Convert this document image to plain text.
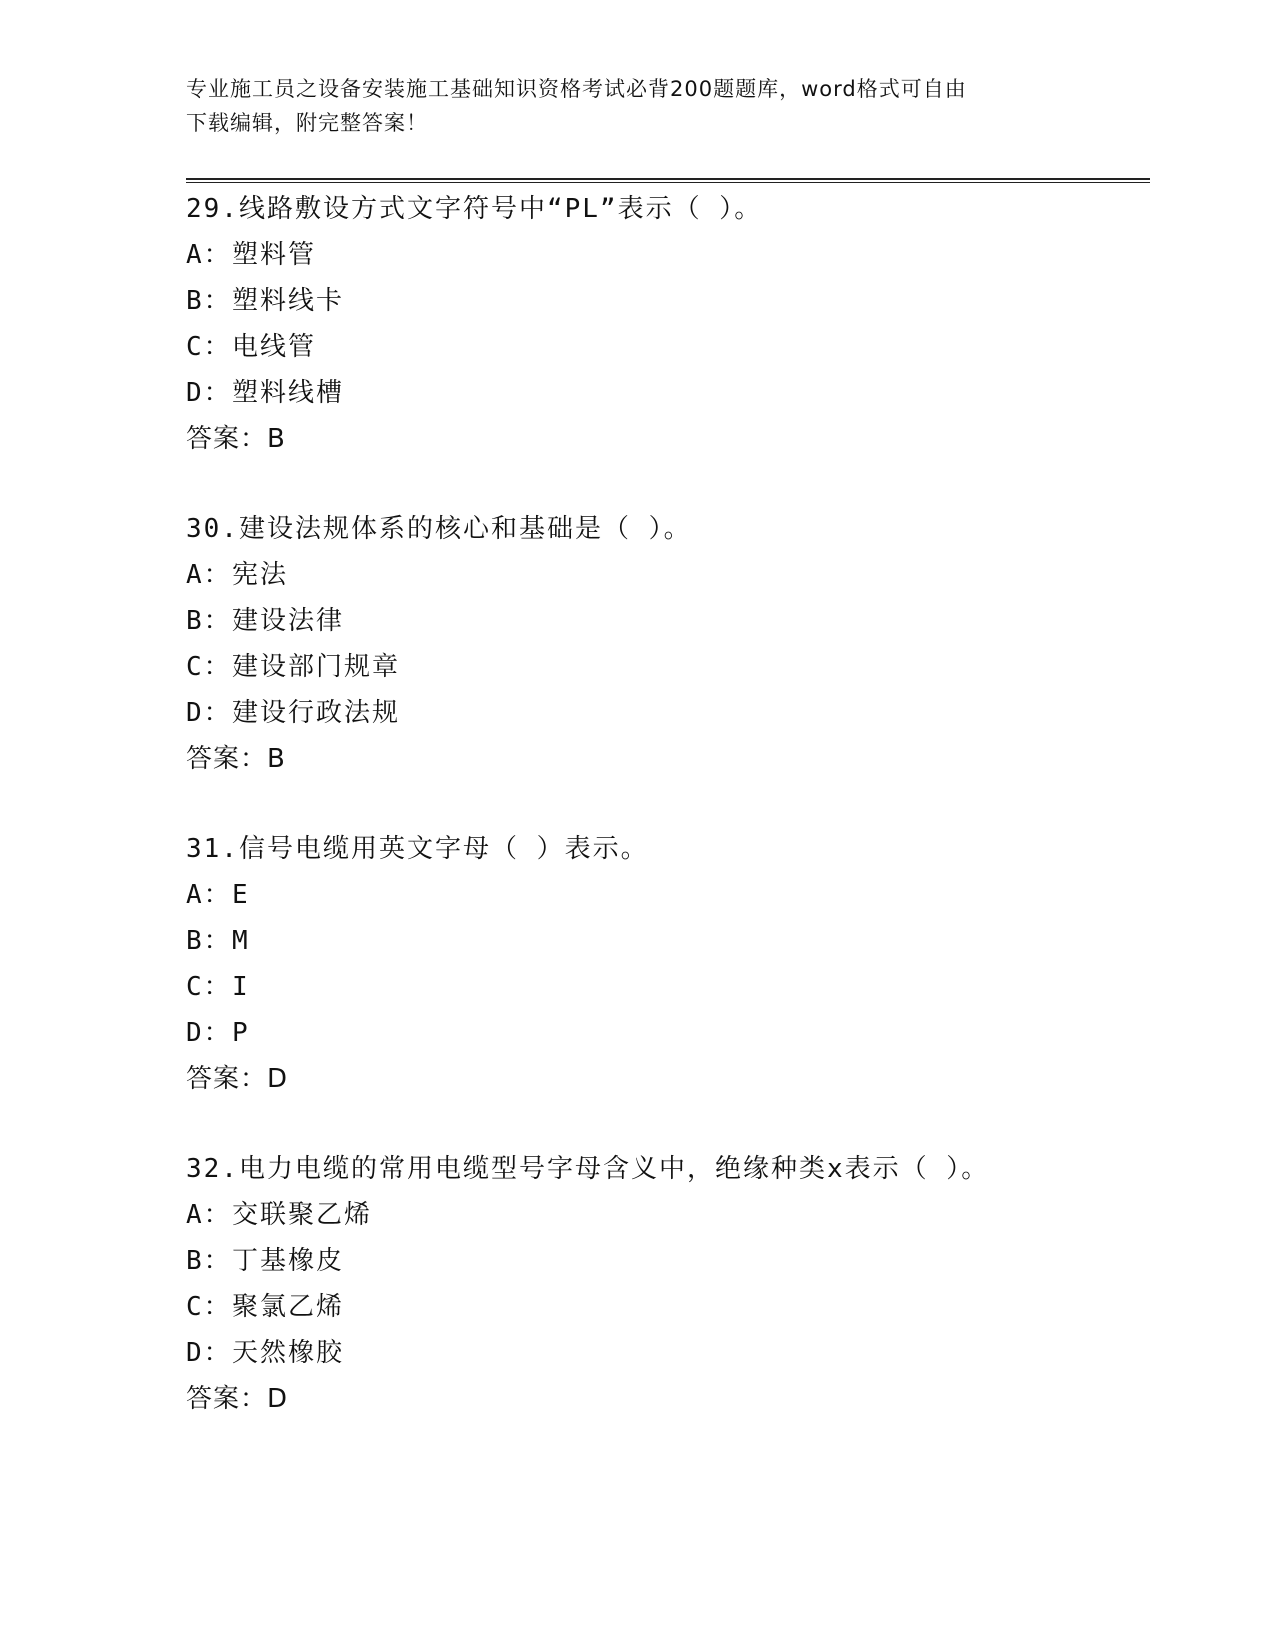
专业施工员之设备安装施工基础知识资格考试必背200题题库，word格式可自由
下载编辑，附完整答案！
29.线路敷设方式文字符号中“PL”表示（ ）。
A：塑料管
B：塑料线卡
C：电线管
D：塑料线槽
答案：B
30.建设法规体系的核心和基础是（ ）。
A：宪法
B：建设法律
C：建设部门规章
D：建设行政法规
答案：B
31.信号电缆用英文字母（ ）表示。
A：E
B：M
C：I
D：P
答案：D
32.电力电缆的常用电缆型号字母含义中，绝缘种类x表示（ ）。
A：交联聚乙烯
B：丁基橡皮
C：聚氯乙烯
D：天然橡胶
答案：D
